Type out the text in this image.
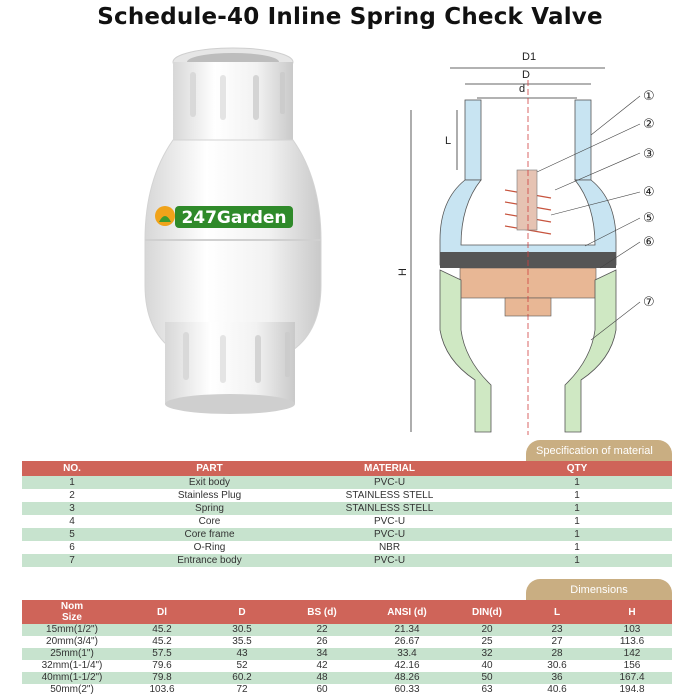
Schedule-40 Inline Spring Check Valve
247Garden
D1
D
d
H
L
①
②
③
④
⑤
⑥
⑦
Specification of material
NO.	PART	MATERIAL	QTY
1	Exit body	PVC-U	1
2	Stainless Plug	STAINLESS STELL	1
3	Spring	STAINLESS STELL	1
4	Core	PVC-U	1
5	Core frame	PVC-U	1
6	O-Ring	NBR	1
7	Entrance body	PVC-U	1
Dimensions
Nom
Size	Dl	D	BS (d)	ANSI (d)	DIN(d)	L	H
15mm(1/2")	45.2	30.5	22	21.34	20	23	103
20mm(3/4")	45.2	35.5	26	26.67	25	27	113.6
25mm(1")	57.5	43	34	33.4	32	28	142
32mm(1-1/4")	79.6	52	42	42.16	40	30.6	156
40mm(1-1/2")	79.8	60.2	48	48.26	50	36	167.4
50mm(2")	103.6	72	60	60.33	63	40.6	194.8
